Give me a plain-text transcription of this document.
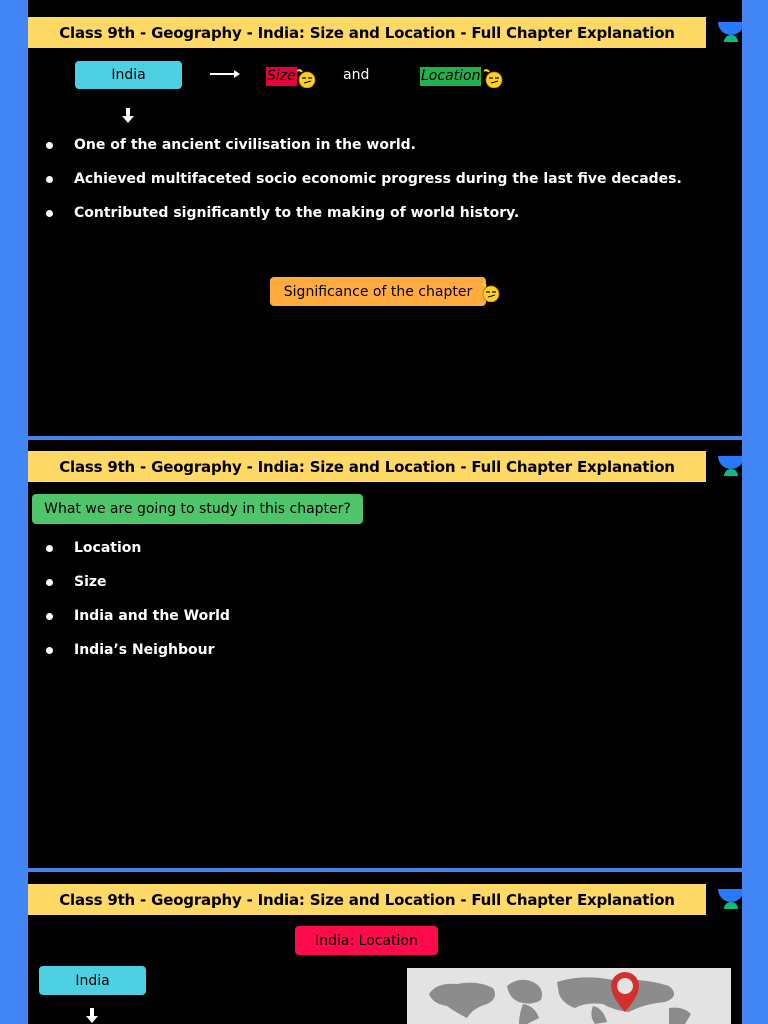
Class 9th - Geography - India: Size and Location - Full Chapter Explanation
India	Size	and	Location
One of the ancient civilisation in the world.
Achieved multifaceted socio economic progress during the last five decades.
Contributed significantly to the making of world history.
Significance of the chapter
Class 9th - Geography - India: Size and Location - Full Chapter Explanation
What we are going to study in this chapter?
Location
Size
India and the World
India’s Neighbour
Class 9th - Geography - India: Size and Location - Full Chapter Explanation
India: Location
India
